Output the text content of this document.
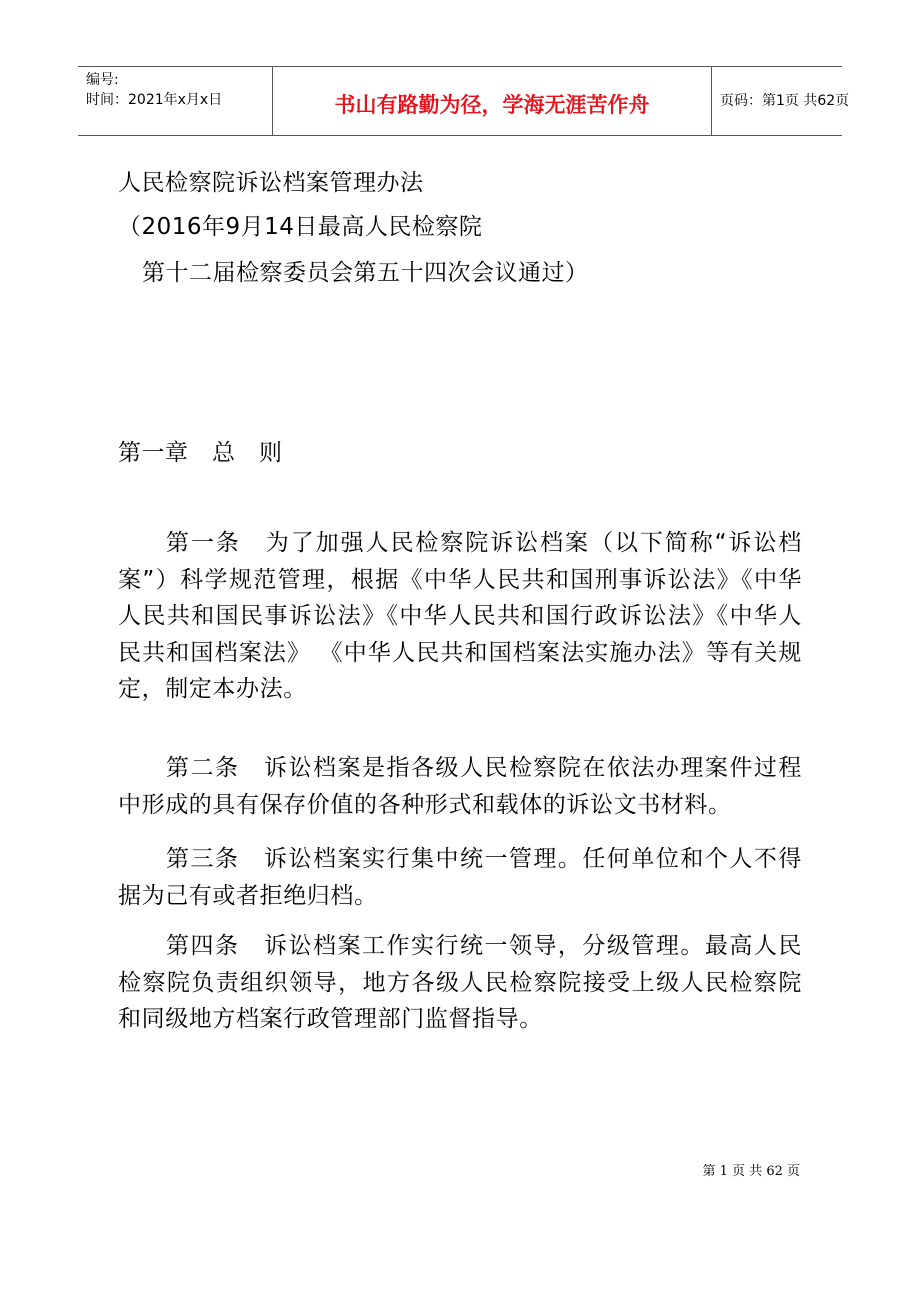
编号:
时间：2021年x月x日	书山有路勤为径，学海无涯苦作舟	页码：第1页 共62页
人民检察院诉讼档案管理办法
（2016年9月14日最高人民检察院
第十二届检察委员会第五十四次会议通过）
第一章　总　则
第一条　为了加强人民检察院诉讼档案（以下简称“诉讼档案”）科学规范管理，根据《中华人民共和国刑事诉讼法》《中华人民共和国民事诉讼法》《中华人民共和国行政诉讼法》《中华人民共和国档案法》 《中华人民共和国档案法实施办法》等有关规定，制定本办法。
第二条　诉讼档案是指各级人民检察院在依法办理案件过程中形成的具有保存价值的各种形式和载体的诉讼文书材料。
第三条　诉讼档案实行集中统一管理。任何单位和个人不得据为己有或者拒绝归档。
第四条　诉讼档案工作实行统一领导，分级管理。最高人民检察院负责组织领导，地方各级人民检察院接受上级人民检察院和同级地方档案行政管理部门监督指导。
第 1 页 共 62 页
